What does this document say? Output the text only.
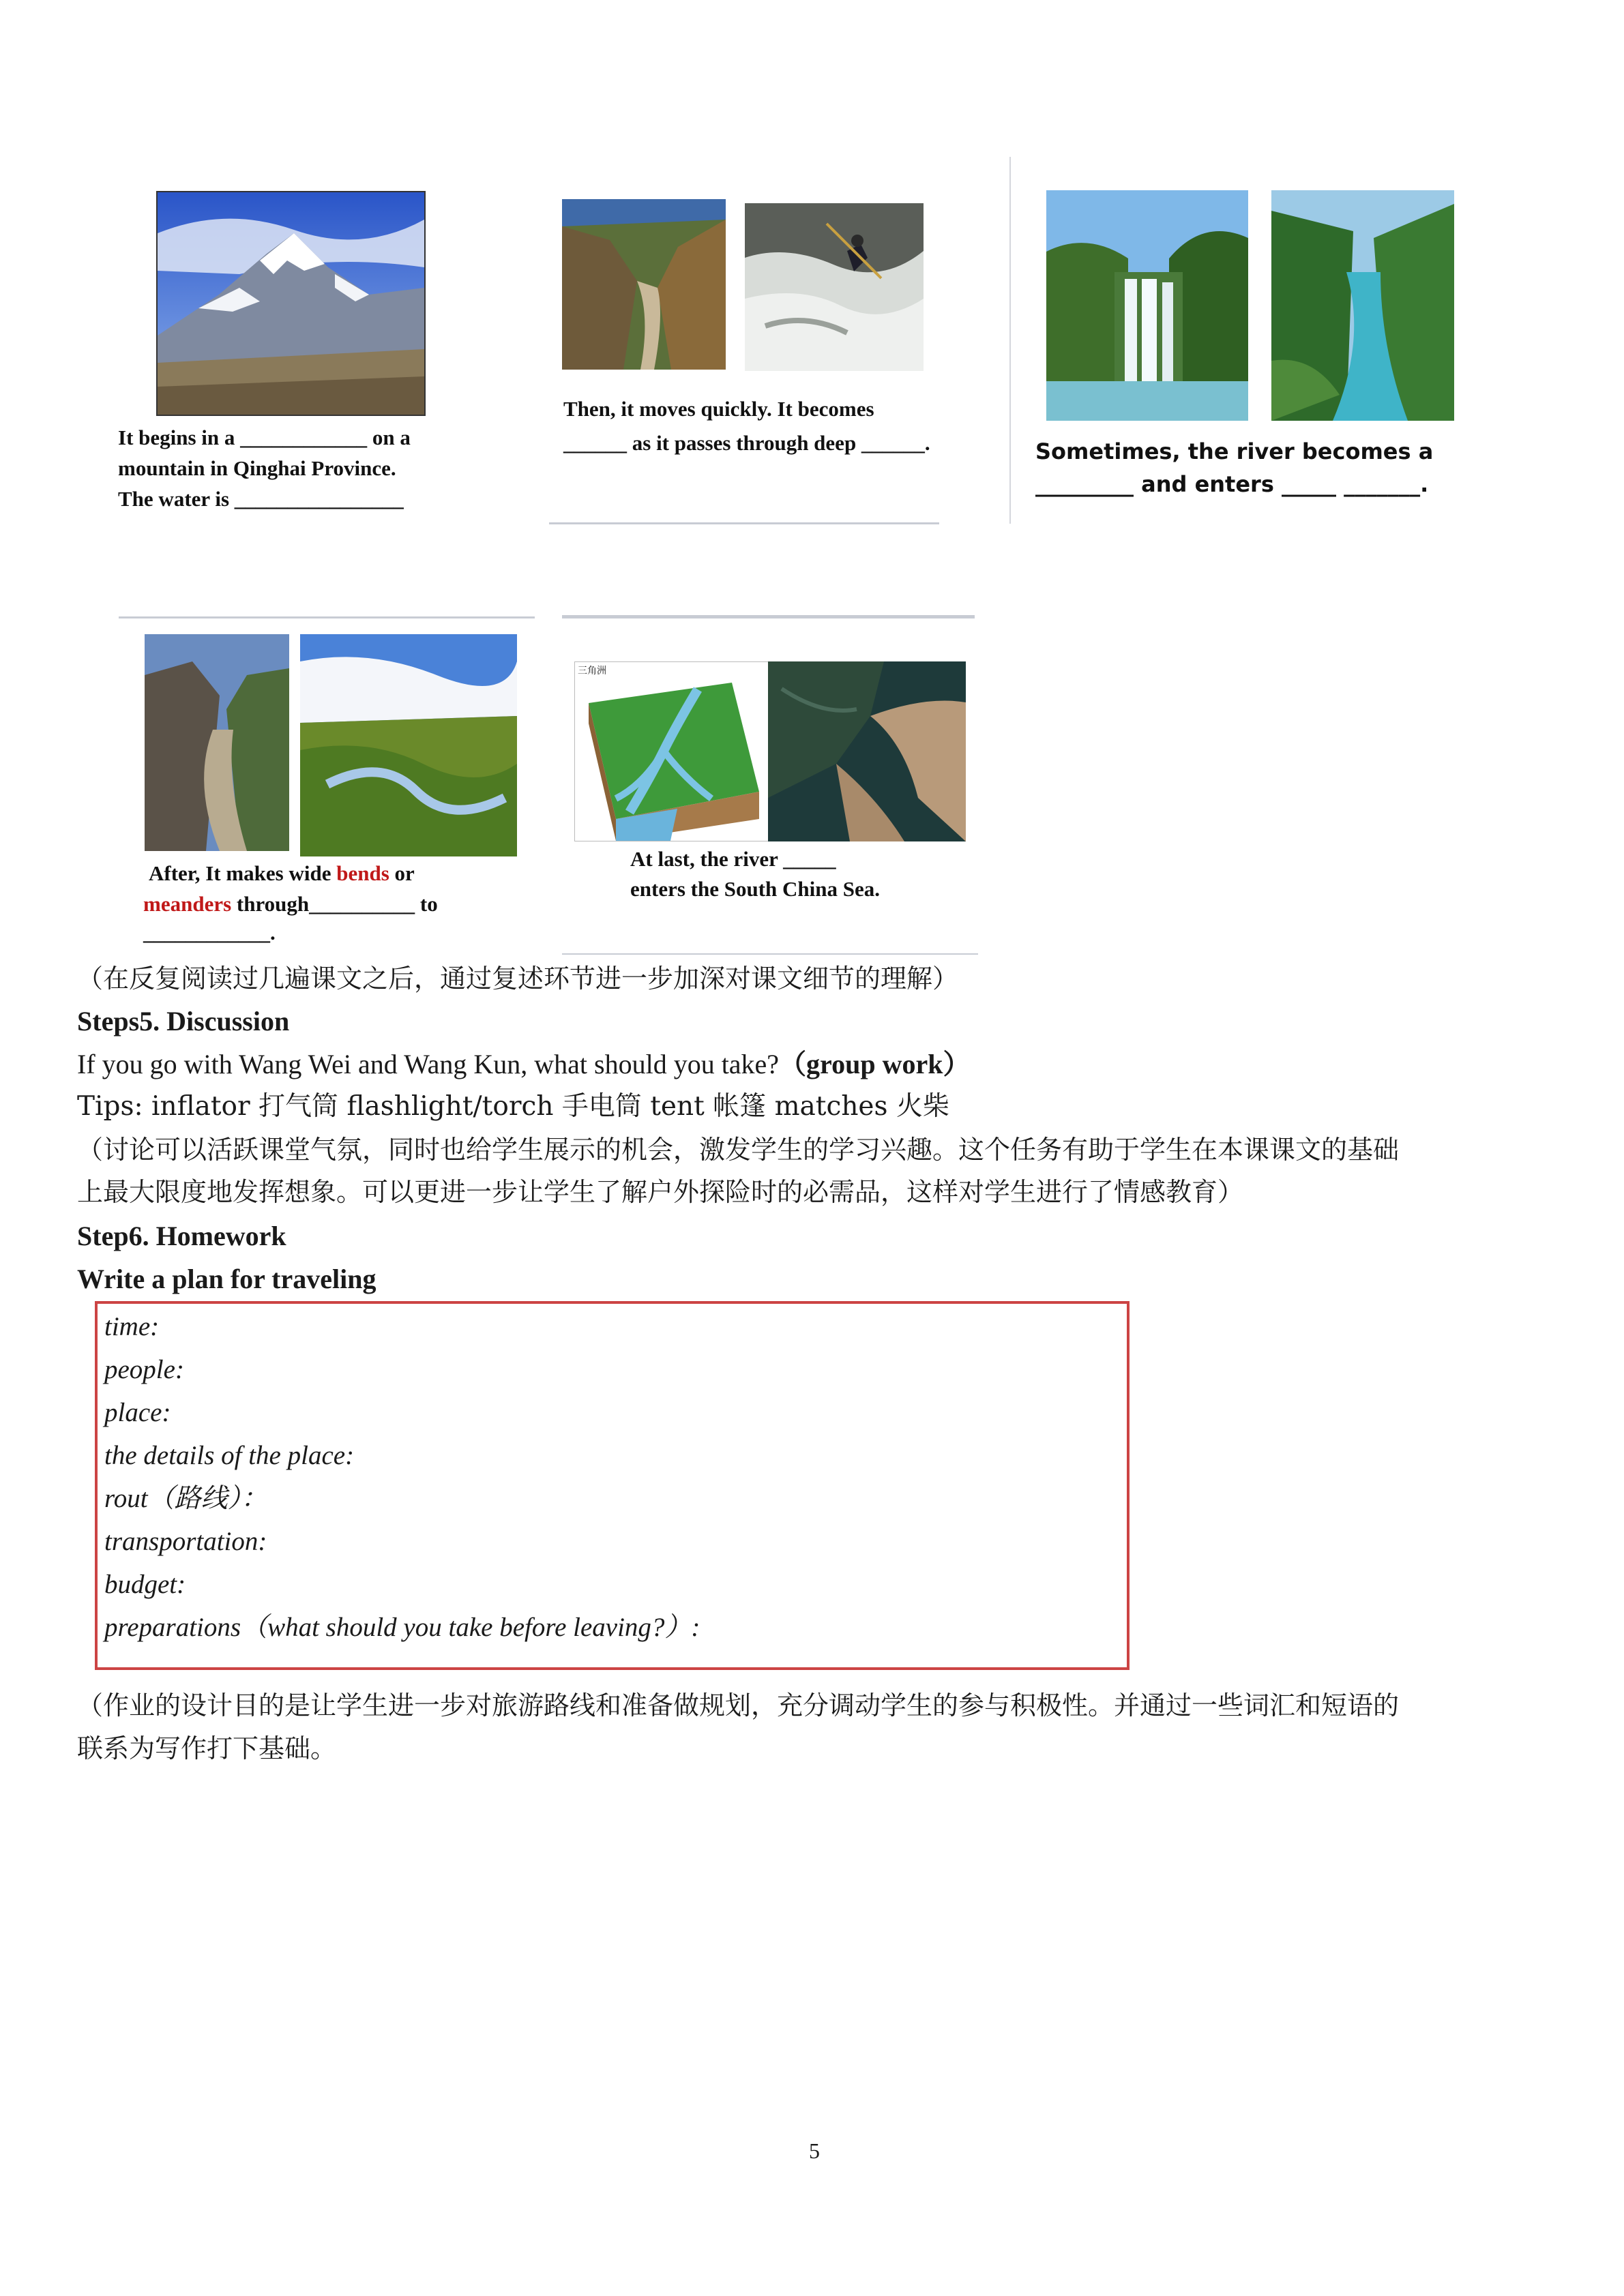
It begins in a ____________ on a
mountain in Qinghai Province.
The water is ________________
Then, it moves quickly. It becomes
______ as it passes through deep ______.	Sometimes, the river becomes a
_________ and enters _____ _______.
After, It makes wide bends or
meanders through__________ to
____________.
三角洲
At last, the river _____
enters the South China Sea.
（在反复阅读过几遍课文之后，通过复述环节进一步加深对课文细节的理解）
Steps5. Discussion
If you go with Wang Wei and Wang Kun, what should you take?（group work）
Tips: inflator 打气筒 flashlight/torch 手电筒 tent 帐篷 matches 火柴
（讨论可以活跃课堂气氛，同时也给学生展示的机会，激发学生的学习兴趣。这个任务有助于学生在本课课文的基础
上最大限度地发挥想象。可以更进一步让学生了解户外探险时的必需品，这样对学生进行了情感教育）
Step6. Homework
Write a plan for traveling
time:
people:
place:
the details of the place:
rout（路线）：
transportation:
budget:
preparations（what should you take before leaving?）:
（作业的设计目的是让学生进一步对旅游路线和准备做规划，充分调动学生的参与积极性。并通过一些词汇和短语的
联系为写作打下基础。
5
